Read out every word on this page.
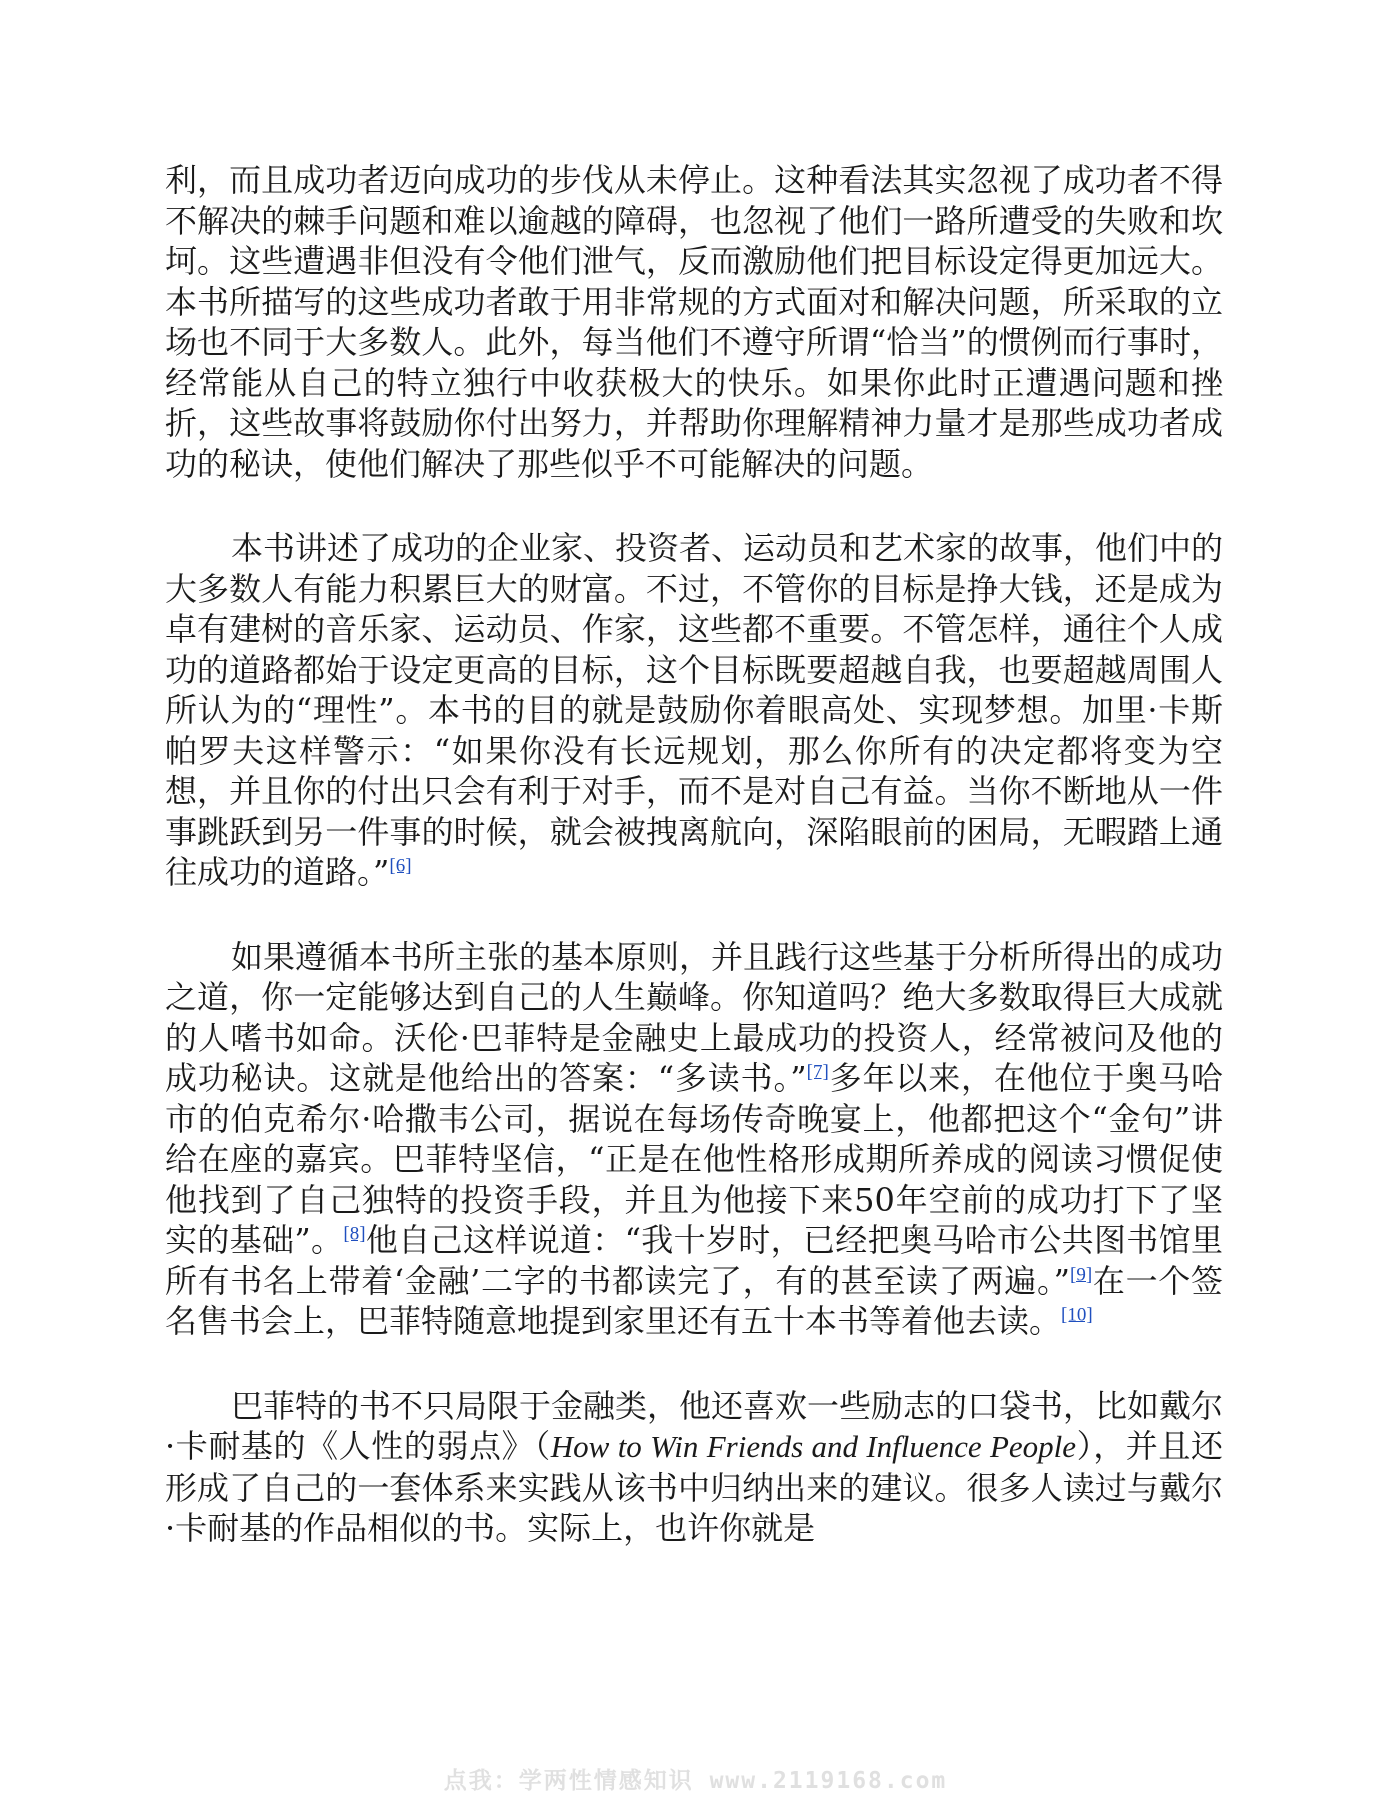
利，而且成功者迈向成功的步伐从未停止。这种看法其实忽视了成功者不得不解决的棘手问题和难以逾越的障碍，也忽视了他们一路所遭受的失败和坎坷。这些遭遇非但没有令他们泄气，反而激励他们把目标设定得更加远大。本书所描写的这些成功者敢于用非常规的方式面对和解决问题，所采取的立场也不同于大多数人。此外，每当他们不遵守所谓“恰当”的惯例而行事时，经常能从自己的特立独行中收获极大的快乐。如果你此时正遭遇问题和挫折，这些故事将鼓励你付出努力，并帮助你理解精神力量才是那些成功者成功的秘诀，使他们解决了那些似乎不可能解决的问题。

本书讲述了成功的企业家、投资者、运动员和艺术家的故事，他们中的大多数人有能力积累巨大的财富。不过，不管你的目标是挣大钱，还是成为卓有建树的音乐家、运动员、作家，这些都不重要。不管怎样，通往个人成功的道路都始于设定更高的目标，这个目标既要超越自我，也要超越周围人所认为的“理性”。本书的目的就是鼓励你着眼高处、实现梦想。加里·卡斯帕罗夫这样警示：“如果你没有长远规划，那么你所有的决定都将变为空想，并且你的付出只会有利于对手，而不是对自己有益。当你不断地从一件事跳跃到另一件事的时候，就会被拽离航向，深陷眼前的困局，无暇踏上通往成功的道路。”[6]

如果遵循本书所主张的基本原则，并且践行这些基于分析所得出的成功之道，你一定能够达到自己的人生巅峰。你知道吗？绝大多数取得巨大成就的人嗜书如命。沃伦·巴菲特是金融史上最成功的投资人，经常被问及他的成功秘诀。这就是他给出的答案：“多读书。”[7]多年以来，在他位于奥马哈市的伯克希尔·哈撒韦公司，据说在每场传奇晚宴上，他都把这个“金句”讲给在座的嘉宾。巴菲特坚信，“正是在他性格形成期所养成的阅读习惯促使他找到了自己独特的投资手段，并且为他接下来50年空前的成功打下了坚实的基础”。[8]他自己这样说道：“我十岁时，已经把奥马哈市公共图书馆里所有书名上带着‘金融’二字的书都读完了，有的甚至读了两遍。”[9]在一个签名售书会上，巴菲特随意地提到家里还有五十本书等着他去读。[10]

巴菲特的书不只局限于金融类，他还喜欢一些励志的口袋书，比如戴尔·卡耐基的《人性的弱点》（How to Win Friends and Influence People），并且还形成了自己的一套体系来实践从该书中归纳出来的建议。很多人读过与戴尔·卡耐基的作品相似的书。实际上，也许你就是

点我：学两性情感知识 www.2119168.com
